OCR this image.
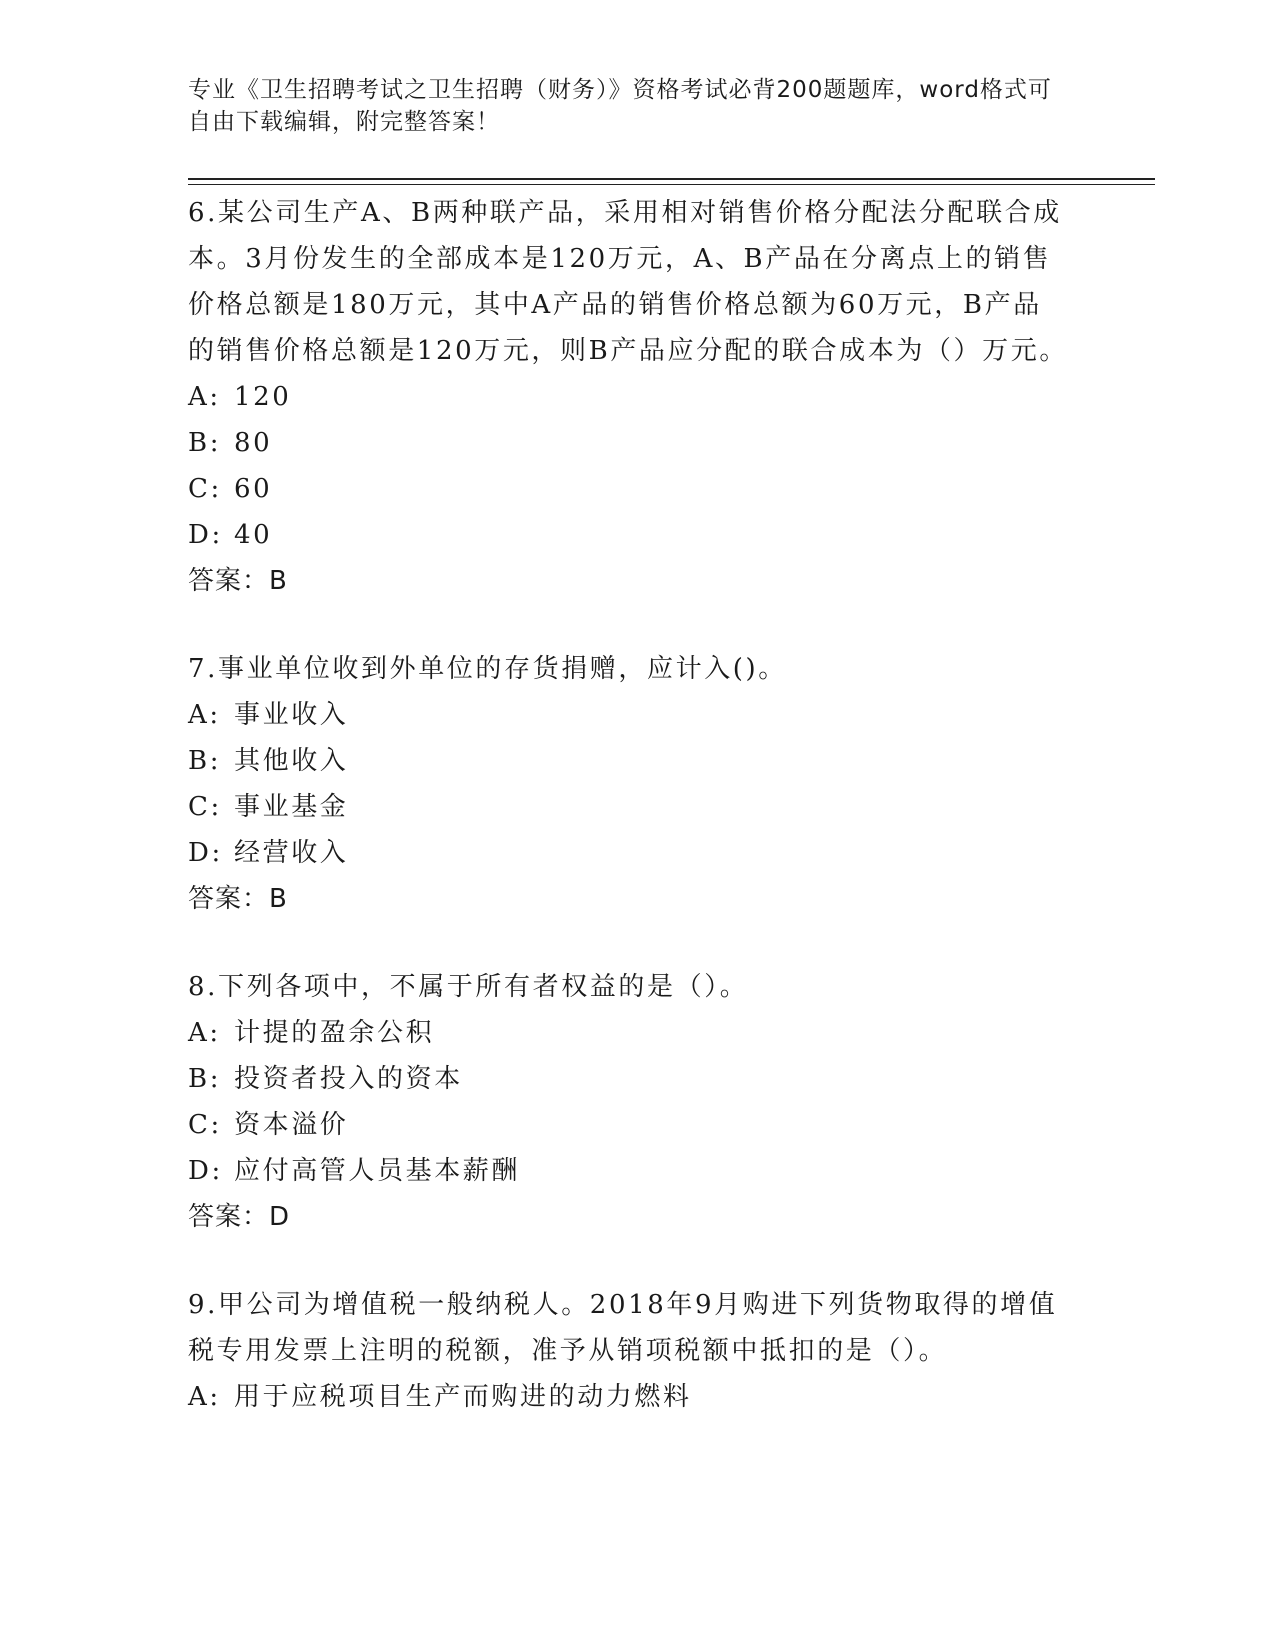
专业《卫生招聘考试之卫生招聘（财务）》资格考试必背200题题库，word格式可自由下载编辑，附完整答案！

6.某公司生产A、B两种联产品，采用相对销售价格分配法分配联合成本。3月份发生的全部成本是120万元，A、B产品在分离点上的销售价格总额是180万元，其中A产品的销售价格总额为60万元，B产品的销售价格总额是120万元，则B产品应分配的联合成本为（）万元。

A: 120
B: 80
C: 60
D: 40
答案：B

7.事业单位收到外单位的存货捐赠，应计入()。

A: 事业收入
B: 其他收入
C: 事业基金
D: 经营收入
答案：B

8.下列各项中，不属于所有者权益的是（）。

A: 计提的盈余公积
B: 投资者投入的资本
C: 资本溢价
D: 应付高管人员基本薪酬
答案：D

9.甲公司为增值税一般纳税人。2018年9月购进下列货物取得的增值税专用发票上注明的税额，准予从销项税额中抵扣的是（）。

A: 用于应税项目生产而购进的动力燃料
